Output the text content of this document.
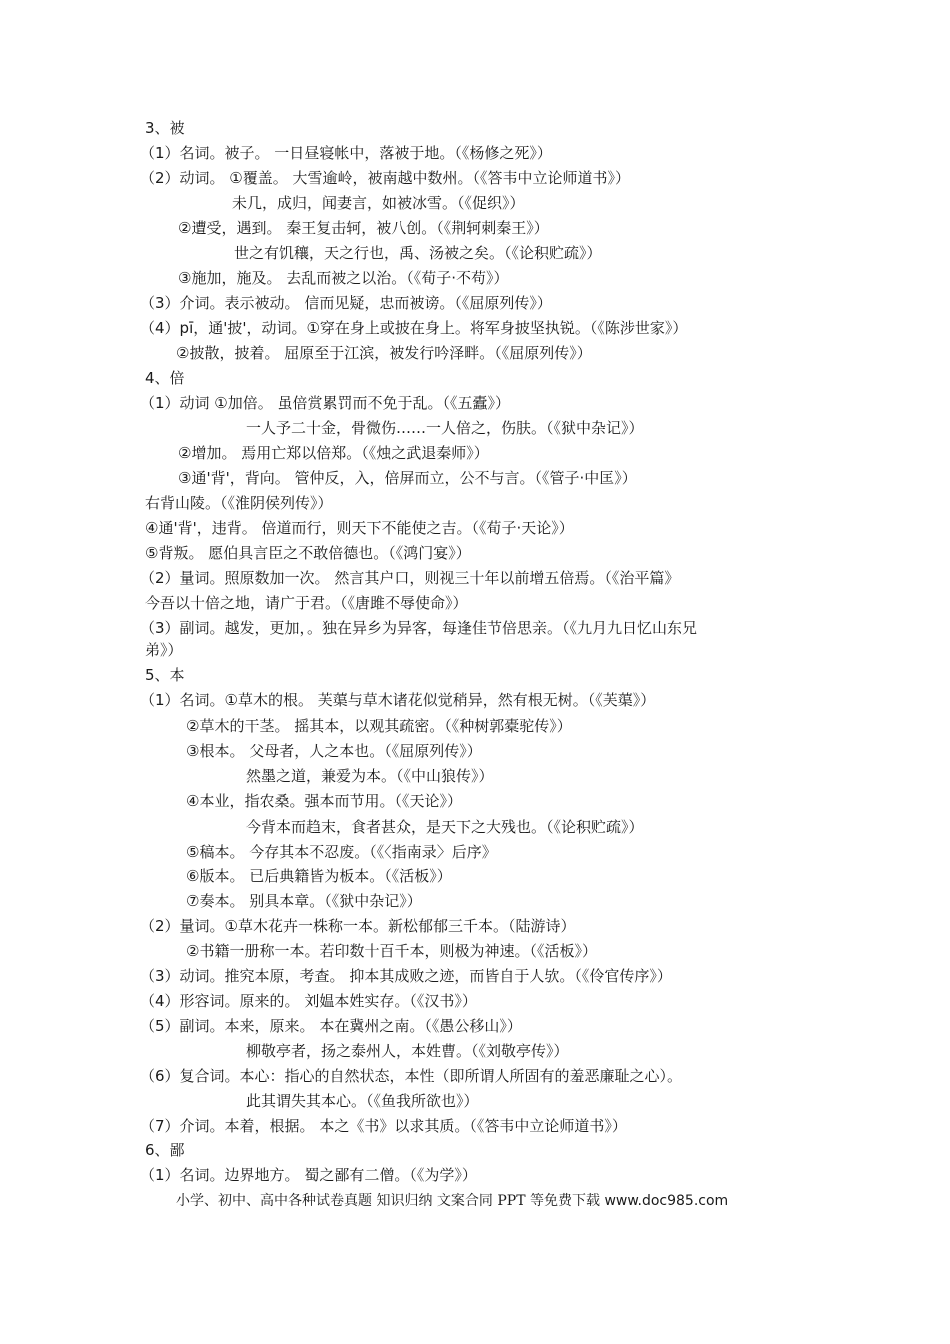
3、被
（1）名词。被子。 一日昼寝帐中，落被于地。（《杨修之死》）
（2）动词。 ①覆盖。 大雪逾岭，被南越中数州。（《答韦中立论师道书》）
未几，成归，闻妻言，如被冰雪。（《促织》）
②遭受，遇到。 秦王复击轲，被八创。（《荆轲刺秦王》）
世之有饥穰，天之行也，禹、汤被之矣。（《论积贮疏》）
③施加，施及。 去乱而被之以治。（《荀子·不苟》）
（3）介词。表示被动。 信而见疑，忠而被谤。（《屈原列传》）
（4）pī，通'披'，动词。①穿在身上或披在身上。将军身披坚执锐。（《陈涉世家》）
②披散，披着。 屈原至于江滨，被发行吟泽畔。（《屈原列传》）
4、倍
（1）动词 ①加倍。 虽倍赏累罚而不免于乱。（《五蠹》）
一人予二十金，骨微伤……一人倍之，伤肤。（《狱中杂记》）
②增加。 焉用亡郑以倍郑。（《烛之武退秦师》）
③通'背'，背向。 管仲反，入，倍屏而立，公不与言。（《管子·中匡》）
右背山陵。（《淮阴侯列传》）
④通'背'，违背。 倍道而行，则天下不能使之吉。（《荀子·天论》）
⑤背叛。 愿伯具言臣之不敢倍德也。（《鸿门宴》）
（2）量词。照原数加一次。 然言其户口，则视三十年以前增五倍焉。（《治平篇》
今吾以十倍之地，请广于君。（《唐雎不辱使命》）
（3）副词。越发，更加，。独在异乡为异客，每逢佳节倍思亲。（《九月九日忆山东兄
弟》）
5、本
（1）名词。①草木的根。 芙蕖与草木诸花似觉稍异，然有根无树。（《芙蕖》）
②草木的干茎。 摇其本，以观其疏密。（《种树郭橐驼传》）
③根本。 父母者，人之本也。（《屈原列传》）
然墨之道，兼爱为本。（《中山狼传》）
④本业，指农桑。强本而节用。（《天论》）
今背本而趋末，食者甚众，是天下之大残也。（《论积贮疏》）
⑤稿本。 今存其本不忍废。（《〈指南录〉后序》
⑥版本。 已后典籍皆为板本。（《活板》）
⑦奏本。 别具本章。（《狱中杂记》）
（2）量词。①草木花卉一株称一本。新松郁郁三千本。（陆游诗）
②书籍一册称一本。若印数十百千本，则极为神速。（《活板》）
（3）动词。推究本原，考查。 抑本其成败之迹，而皆自于人欤。（《伶官传序》）
（4）形容词。原来的。 刘媪本姓实存。（《汉书》）
（5）副词。本来，原来。 本在冀州之南。（《愚公移山》）
柳敬亭者，扬之泰州人，本姓曹。（《刘敬亭传》）
（6）复合词。本心：指心的自然状态，本性（即所谓人所固有的羞恶廉耻之心）。
此其谓失其本心。（《鱼我所欲也》）
（7）介词。本着，根据。 本之《书》以求其质。（《答韦中立论师道书》）
6、鄙
（1）名词。边界地方。 蜀之鄙有二僧。（《为学》）
小学、初中、高中各种试卷真题 知识归纳 文案合同 PPT 等免费下载 www.doc985.com
